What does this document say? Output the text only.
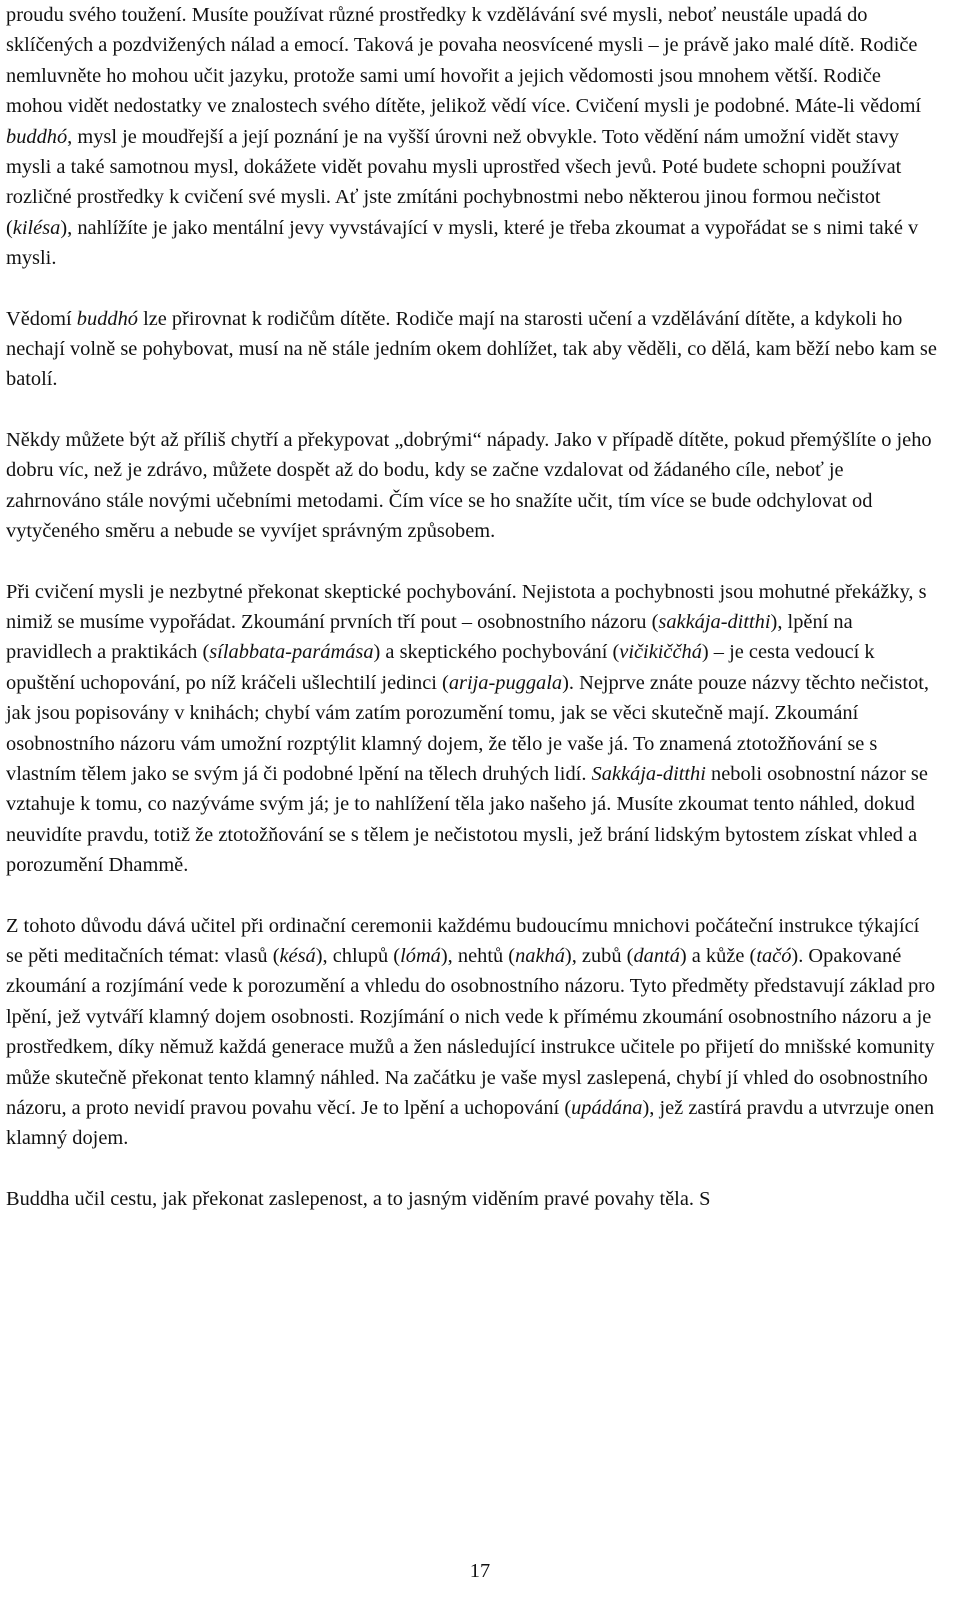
proudu svého toužení. Musíte používat různé prostředky k vzdělávání své mysli, neboť neustále upadá do sklíčených a pozdvižených nálad a emocí. Taková je povaha neosvícené mysli – je právě jako malé dítě. Rodiče nemluvněte ho mohou učit jazyku, protože sami umí hovořit a jejich vědomosti jsou mnohem větší. Rodiče mohou vidět nedostatky ve znalostech svého dítěte, jelikož vědí více. Cvičení mysli je podobné. Máte-li vědomí buddhó, mysl je moudřejší a její poznání je na vyšší úrovni než obvykle. Toto vědění nám umožní vidět stavy mysli a také samotnou mysl, dokážete vidět povahu mysli uprostřed všech jevů. Poté budete schopni používat rozličné prostředky k cvičení své mysli. Ať jste zmítáni pochybnostmi nebo některou jinou formou nečistot (kilésa), nahlížíte je jako mentální jevy vyvstávající v mysli, které je třeba zkoumat a vypořádat se s nimi také v mysli.

Vědomí buddhó lze přirovnat k rodičům dítěte. Rodiče mají na starosti učení a vzdělávání dítěte, a kdykoli ho nechají volně se pohybovat, musí na ně stále jedním okem dohlížet, tak aby věděli, co dělá, kam běží nebo kam se batolí.

Někdy můžete být až příliš chytří a překypovat „dobrými“ nápady. Jako v případě dítěte, pokud přemýšlíte o jeho dobru víc, než je zdrávo, můžete dospět až do bodu, kdy se začne vzdalovat od žádaného cíle, neboť je zahrnováno stále novými učebními metodami. Čím více se ho snažíte učit, tím více se bude odchylovat od vytyčeného směru a nebude se vyvíjet správným způsobem.

Při cvičení mysli je nezbytné překonat skeptické pochybování. Nejistota a pochybnosti jsou mohutné překážky, s nimiž se musíme vypořádat. Zkoumání prvních tří pout – osobnostního názoru (sakkája-ditthi), lpění na pravidlech a praktikách (sílabbata-parámása) a skeptického pochybování (vičikiččhá) – je cesta vedoucí k opuštění uchopování, po níž kráčeli ušlechtilí jedinci (arija-puggala). Nejprve znáte pouze názvy těchto nečistot, jak jsou popisovány v knihách; chybí vám zatím porozumění tomu, jak se věci skutečně mají. Zkoumání osobnostního názoru vám umožní rozptýlit klamný dojem, že tělo je vaše já. To znamená ztotožňování se s vlastním tělem jako se svým já či podobné lpění na tělech druhých lidí. Sakkája-ditthi neboli osobnostní názor se vztahuje k tomu, co nazýváme svým já; je to nahlížení těla jako našeho já. Musíte zkoumat tento náhled, dokud neuvidíte pravdu, totiž že ztotožňování se s tělem je nečistotou mysli, jež brání lidským bytostem získat vhled a porozumění Dhammě.

Z tohoto důvodu dává učitel při ordinační ceremonii každému budoucímu mnichovi počáteční instrukce týkající se pěti meditačních témat: vlasů (késá), chlupů (lómá), nehtů (nakhá), zubů (dantá) a kůže (tačó). Opakované zkoumání a rozjímání vede k porozumění a vhledu do osobnostního názoru. Tyto předměty představují základ pro lpění, jež vytváří klamný dojem osobnosti. Rozjímání o nich vede k přímému zkoumání osobnostního názoru a je prostředkem, díky němuž každá generace mužů a žen následující instrukce učitele po přijetí do mnišské komunity může skutečně překonat tento klamný náhled. Na začátku je vaše mysl zaslepená, chybí jí vhled do osobnostního názoru, a proto nevidí pravou povahu věcí. Je to lpění a uchopování (upádána), jež zastírá pravdu a utvrzuje onen klamný dojem.

Buddha učil cestu, jak překonat zaslepenost, a to jasným viděním pravé povahy těla. S

17
